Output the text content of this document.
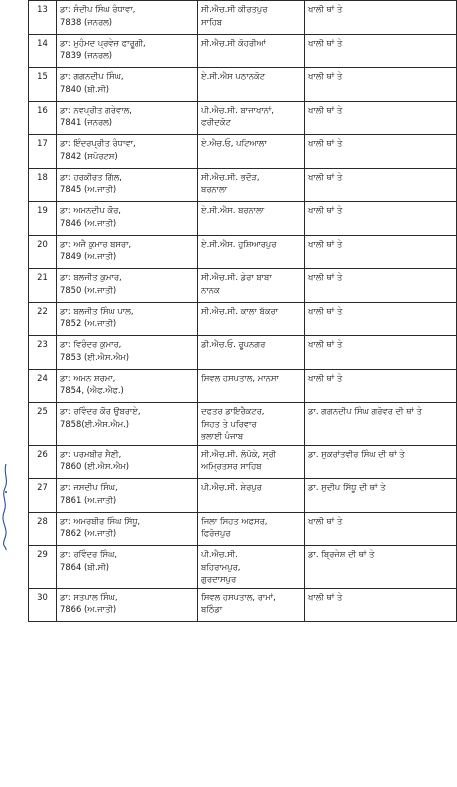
13	ਡਾ: ਸੰਦੀਪ ਸਿੰਘ ਰੰਧਾਵਾ,
7838 (ਜਨਰਲ)	ਸੀ.ਐਚ.ਸੀ ਕੀਰਤਪੁਰ
ਸਾਹਿਬ	ਖਾਲੀ ਥਾਂ ਤੇ
14	ਡਾ: ਮੁਹੰਮਦ ਪ੍ਰਵੇਜ਼ ਫਾਰੂਗੀ,
7839 (ਜਨਰਲ)	ਸੀ.ਐਚ.ਸੀ ਕੋਹਰੀਆਂ	ਖਾਲੀ ਥਾਂ ਤੇ
15	ਡਾ: ਗਗਨਦੀਪ ਸਿੰਘ,
7840 (ਬੀ.ਸੀ)	ਏ.ਸੀ.ਐਸ ਪਠਾਨਕੋਟ	ਖਾਲੀ ਥਾਂ ਤੇ
16	ਡਾ: ਨਵਪ੍ਰੀਤ ਗਰੇਵਾਲ,
7841 (ਜਨਰਲ)	ਪੀ.ਐਚ.ਸੀ. ਬਾਜਾਖਾਨਾਂ,
ਫਰੀਦਕੋਟ	ਖਾਲੀ ਥਾਂ ਤੇ
17	ਡਾ: ਇੰਦਰਪ੍ਰੀਤ ਰੰਧਾਵਾ,
7842 (ਸਪੋਰਟਸ)	ਏ.ਐਚ.ਓ, ਪਟਿਆਲਾ	ਖਾਲੀ ਥਾਂ ਤੇ
18	ਡਾ: ਹਰਕੀਰਤ ਗਿੱਲ,
7845 (ਅ.ਜਾਤੀ)	ਸੀ.ਐਚ.ਸੀ. ਭਦੌੜ,
ਬਰਨਾਲਾ	ਖਾਲੀ ਥਾਂ ਤੇ
19	ਡਾ: ਅਮਨਦੀਪ ਕੌਰ,
7846 (ਅ.ਜਾਤੀ)	ਏ.ਸੀ.ਐਸ. ਬਰਨਾਲਾ	ਖਾਲੀ ਥਾਂ ਤੇ
20	ਡਾ: ਅਜੈ ਕੁਮਾਰ ਬਸਰਾ,
7849 (ਅ.ਜਾਤੀ)	ਏ.ਸੀ.ਐਸ. ਹੁਸ਼ਿਆਰਪੁਰ	ਖਾਲੀ ਥਾਂ ਤੇ
21	ਡਾ: ਬਲਜੀਤ ਕੁਮਾਰ,
7850 (ਅ.ਜਾਤੀ)	ਸੀ.ਐਚ.ਸੀ. ਡੇਰਾ ਬਾਬਾ
ਨਾਨਕ	ਖਾਲੀ ਥਾਂ ਤੇ
22	ਡਾ: ਬਲਜੀਤ ਸਿੰਘ ਪਾਲ,
7852 (ਅ.ਜਾਤੀ)	ਸੀ.ਐਚ.ਸੀ. ਕਾਲਾ ਬੱਕਰਾ	ਖਾਲੀ ਥਾਂ ਤੇ
23	ਡਾ: ਵਿਰੰਦਰ ਕੁਮਾਰ,
7853 (ਈ.ਐਸ.ਐਮ)	ਡੀ.ਐਚ.ਓ. ਰੂਪਨਗਰ	ਖਾਲੀ ਥਾਂ ਤੇ
24	ਡਾ: ਅਮਨ ਸ਼ਰਮਾ,
7854, (ਐਫ.ਐਫ.)	ਸਿਵਲ ਹਸਪਤਾਲ, ਮਾਨਸਾ	ਖਾਲੀ ਥਾਂ ਤੇ
25	ਡਾ: ਰਵਿੰਦਰ ਕੌਰ ਉਬਰਾਏ,
7858(ਈ.ਐਸ.ਐਮ.)	ਦਫਤਰ ਡਾਇਰੈਕਟਰ,
ਸਿਹਤ ਤੇ ਪਰਿਵਾਰ
ਭਲਾਈ ਪੰਜਾਬ	ਡਾ. ਗਗਨਦੀਪ ਸਿੰਘ ਗਰੋਵਰ ਦੀ ਥਾਂ ਤੇ
26	ਡਾ: ਪਰਮਬੀਰ ਸੈਣੀ,
7860 (ਈ.ਐਸ.ਐਮ)	ਸੀ.ਐਚ.ਸੀ. ਲੋਪੋਕੇ, ਸ੍ਰੀ
ਅਮ੍ਰਿਤਸਰ ਸਾਹਿਬ	ਡਾ. ਸੁਕਰਾਂਤਵੀਰ ਸਿੰਘ ਦੀ ਥਾਂ ਤੇ
27	ਡਾ: ਜਸਦੀਪ ਸਿੰਘ,
7861 (ਅ.ਜਾਤੀ)	ਪੀ.ਐਚ.ਸੀ. ਸ਼ੇਰਪੁਰ	ਡਾ. ਸੁਦੀਪ ਸਿੱਧੂ ਦੀ ਥਾਂ ਤੇ
28	ਡਾ: ਅਮਰਬੀਰ ਸਿੰਘ ਸਿੱਧੂ,
7862 (ਅ.ਜਾਤੀ)	ਜਿਲਾ ਸਿਹਤ ਅਫਸਰ,
ਫਿਰੋਜ਼ਪੁਰ	ਖਾਲੀ ਥਾਂ ਤੇ
29	ਡਾ: ਰਵਿੰਦਰ ਸਿੰਘ,
7864 (ਬੀ.ਸੀ)	ਪੀ.ਐਚ.ਸੀ.
ਬਹਿਰਾਮਪੁਰ,
ਗੁਰਦਾਸਪੁਰ	ਡਾ. ਬ੍ਰਿਜੇਸ਼ ਦੀ ਥਾਂ ਤੇ
30	ਡਾ: ਸਤਪਾਲ ਸਿੰਘ,
7866 (ਅ.ਜਾਤੀ)	ਸਿਵਲ ਹਸਪਤਾਲ, ਰਾਮਾਂ,
ਬਠਿੰਡਾ	ਖਾਲੀ ਥਾਂ ਤੇ
